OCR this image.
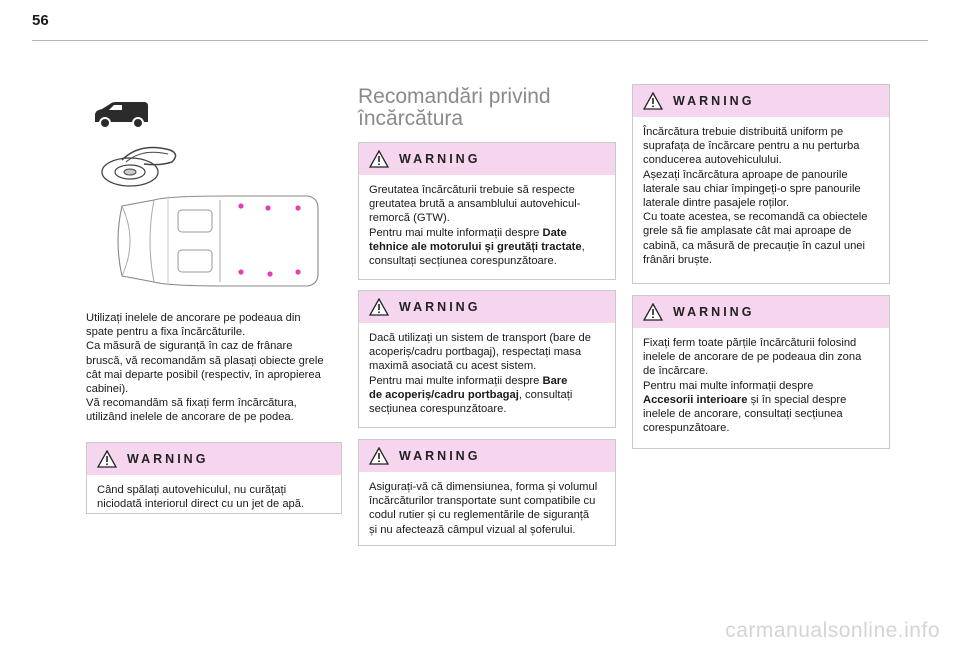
56
Utilizați inelele de ancorare pe podeaua din
spate pentru a fixa încărcăturile.
Ca măsură de siguranță în caz de frânare
bruscă, vă recomandăm să plasați obiecte grele
cât mai departe posibil (respectiv, în apropierea
cabinei).
Vă recomandăm să fixați ferm încărcătura,
utilizând inelele de ancorare de pe podea.
WARNING

Când spălați autovehiculul, nu curățați

niciodată interiorul direct cu un jet de apă.

Recomandări privind
încărcătura
WARNING

Greutatea încărcăturii trebuie să respecte

greutatea brută a ansamblului autovehicul-

remorcă (GTW).

Pentru mai multe informații despre Date

tehnice ale motorului și greutăți tractate,

consultați secțiunea corespunzătoare.

WARNING

Dacă utilizați un sistem de transport (bare de

acoperiș/cadru portbagaj), respectați masa

maximă asociată cu acest sistem.

Pentru mai multe informații despre Bare

de acoperiș/cadru portbagaj, consultați

secțiunea corespunzătoare.

WARNING

Asigurați-vă că dimensiunea, forma și volumul

încărcăturilor transportate sunt compatibile cu

codul rutier și cu reglementările de siguranță

și nu afectează câmpul vizual al șoferului.

WARNING

Încărcătura trebuie distribuită uniform pe

suprafața de încărcare pentru a nu perturba

conducerea autovehiculului.

Așezați încărcătura aproape de panourile

laterale sau chiar împingeți-o spre panourile

laterale dintre pasajele roților.

Cu toate acestea, se recomandă ca obiectele

grele să fie amplasate cât mai aproape de

cabină, ca măsură de precauție în cazul unei

frânări bruște.

WARNING

Fixați ferm toate părțile încărcăturii folosind

inelele de ancorare de pe podeaua din zona

de încărcare.

Pentru mai multe informații despre

Accesorii interioare și în special despre

inelele de ancorare, consultați secțiunea

corespunzătoare.

carmanualsonline.info
